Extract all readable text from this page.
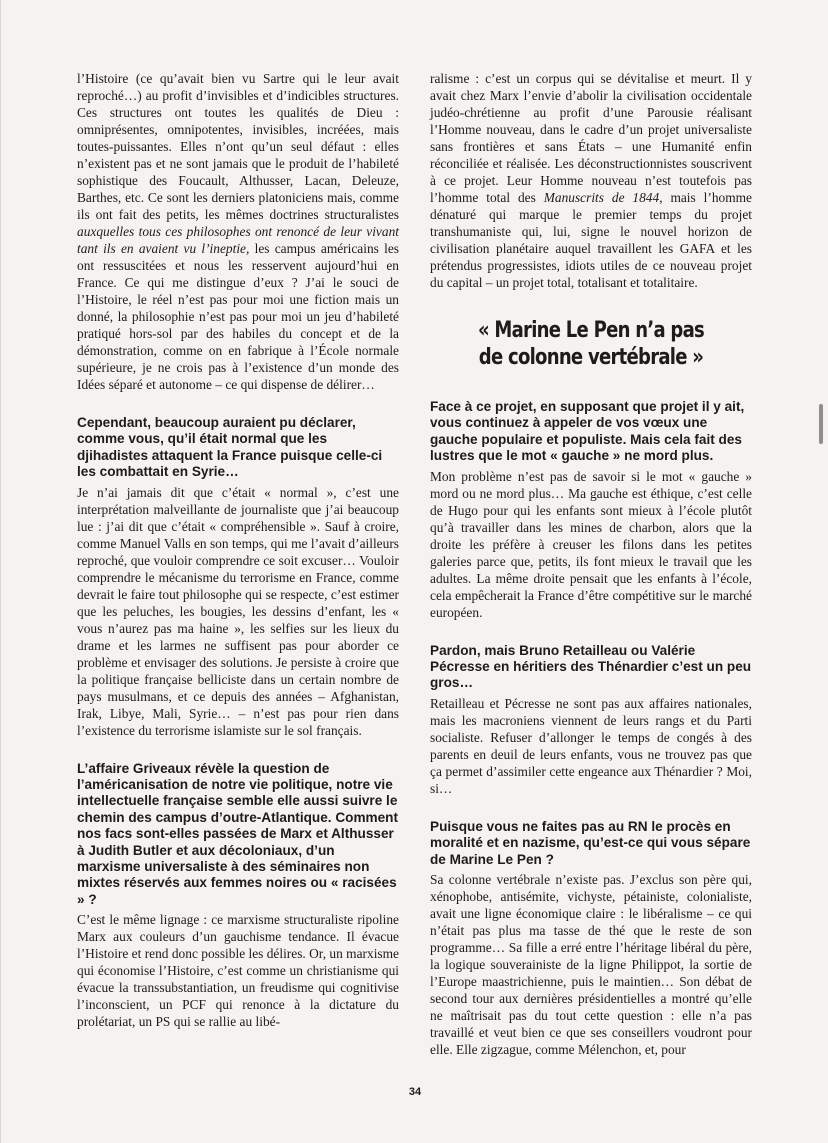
l’Histoire (ce qu’avait bien vu Sartre qui le leur avait reproché…) au profit d’invisibles et d’indicibles structures. Ces structures ont toutes les qualités de Dieu : omniprésentes, omnipotentes, invisibles, incréées, mais toutes-puissantes. Elles n’ont qu’un seul défaut : elles n’existent pas et ne sont jamais que le produit de l’habileté sophistique des Foucault, Althusser, Lacan, Deleuze, Barthes, etc. Ce sont les derniers platoniciens mais, comme ils ont fait des petits, les mêmes doctrines structuralistes auxquelles tous ces philosophes ont renoncé de leur vivant tant ils en avaient vu l’ineptie, les campus américains les ont ressuscitées et nous les resservent aujourd’hui en France. Ce qui me distingue d’eux ? J’ai le souci de l’Histoire, le réel n’est pas pour moi une fiction mais un donné, la philosophie n’est pas pour moi un jeu d’habileté pratiqué hors-sol par des habiles du concept et de la démonstration, comme on en fabrique à l’École normale supérieure, je ne crois pas à l’existence d’un monde des Idées séparé et autonome – ce qui dispense de délirer…

Cependant, beaucoup auraient pu déclarer, comme vous, qu’il était normal que les djihadistes attaquent la France puisque celle-ci les combattait en Syrie…

Je n’ai jamais dit que c’était « normal », c’est une interprétation malveillante de journaliste que j’ai beaucoup lue : j’ai dit que c’était « compréhensible ». Sauf à croire, comme Manuel Valls en son temps, qui me l’avait d’ailleurs reproché, que vouloir comprendre ce soit excuser… Vouloir comprendre le mécanisme du terrorisme en France, comme devrait le faire tout philosophe qui se respecte, c’est estimer que les peluches, les bougies, les dessins d’enfant, les « vous n’aurez pas ma haine », les selfies sur les lieux du drame et les larmes ne suffisent pas pour aborder ce problème et envisager des solutions. Je persiste à croire que la politique française belliciste dans un certain nombre de pays musulmans, et ce depuis des années – Afghanistan, Irak, Libye, Mali, Syrie… – n’est pas pour rien dans l’existence du terrorisme islamiste sur le sol français.

L’affaire Griveaux révèle la question de l’américanisation de notre vie politique, notre vie intellectuelle française semble elle aussi suivre le chemin des campus d’outre-Atlantique. Comment nos facs sont-elles passées de Marx et Althusser à Judith Butler et aux décoloniaux, d’un marxisme universaliste à des séminaires non mixtes réservés aux femmes noires ou « racisées » ?

C’est le même lignage : ce marxisme structuraliste ripoline Marx aux couleurs d’un gauchisme tendance. Il évacue l’Histoire et rend donc possible les délires. Or, un marxisme qui économise l’Histoire, c’est comme un christianisme qui évacue la transsubstantiation, un freudisme qui cognitivise l’inconscient, un PCF qui renonce à la dictature du prolétariat, un PS qui se rallie au libé-

ralisme : c’est un corpus qui se dévitalise et meurt. Il y avait chez Marx l’envie d’abolir la civilisation occidentale judéo-chrétienne au profit d’une Parousie réalisant l’Homme nouveau, dans le cadre d’un projet universaliste sans frontières et sans États – une Humanité enfin réconciliée et réalisée. Les déconstructionnistes souscrivent à ce projet. Leur Homme nouveau n’est toutefois pas l’homme total des Manuscrits de 1844, mais l’homme dénaturé qui marque le premier temps du projet transhumaniste qui, lui, signe le nouvel horizon de civilisation planétaire auquel travaillent les GAFA et les prétendus progressistes, idiots utiles de ce nouveau projet du capital – un projet total, totalisant et totalitaire.

« Marine Le Pen n’a pas
de colonne vertébrale »
Face à ce projet, en supposant que projet il y ait, vous continuez à appeler de vos vœux une gauche populaire et populiste. Mais cela fait des lustres que le mot « gauche » ne mord plus.

Mon problème n’est pas de savoir si le mot « gauche » mord ou ne mord plus… Ma gauche est éthique, c’est celle de Hugo pour qui les enfants sont mieux à l’école plutôt qu’à travailler dans les mines de charbon, alors que la droite les préfère à creuser les filons dans les petites galeries parce que, petits, ils font mieux le travail que les adultes. La même droite pensait que les enfants à l’école, cela empêcherait la France d’être compétitive sur le marché européen.

Pardon, mais Bruno Retailleau ou Valérie Pécresse en héritiers des Thénardier c’est un peu gros…

Retailleau et Pécresse ne sont pas aux affaires nationales, mais les macroniens viennent de leurs rangs et du Parti socialiste. Refuser d’allonger le temps de congés à des parents en deuil de leurs enfants, vous ne trouvez pas que ça permet d’assimiler cette engeance aux Thénardier ? Moi, si…

Puisque vous ne faites pas au RN le procès en moralité et en nazisme, qu’est-ce qui vous sépare de Marine Le Pen ?

Sa colonne vertébrale n’existe pas. J’exclus son père qui, xénophobe, antisémite, vichyste, pétainiste, colonialiste, avait une ligne économique claire : le libéralisme – ce qui n’était pas plus ma tasse de thé que le reste de son programme… Sa fille a erré entre l’héritage libéral du père, la logique souverainiste de la ligne Philippot, la sortie de l’Europe maastrichienne, puis le maintien… Son débat de second tour aux dernières présidentielles a montré qu’elle ne maîtrisait pas du tout cette question : elle n’a pas travaillé et veut bien ce que ses conseillers voudront pour elle. Elle zigzague, comme Mélenchon, et, pour

34
